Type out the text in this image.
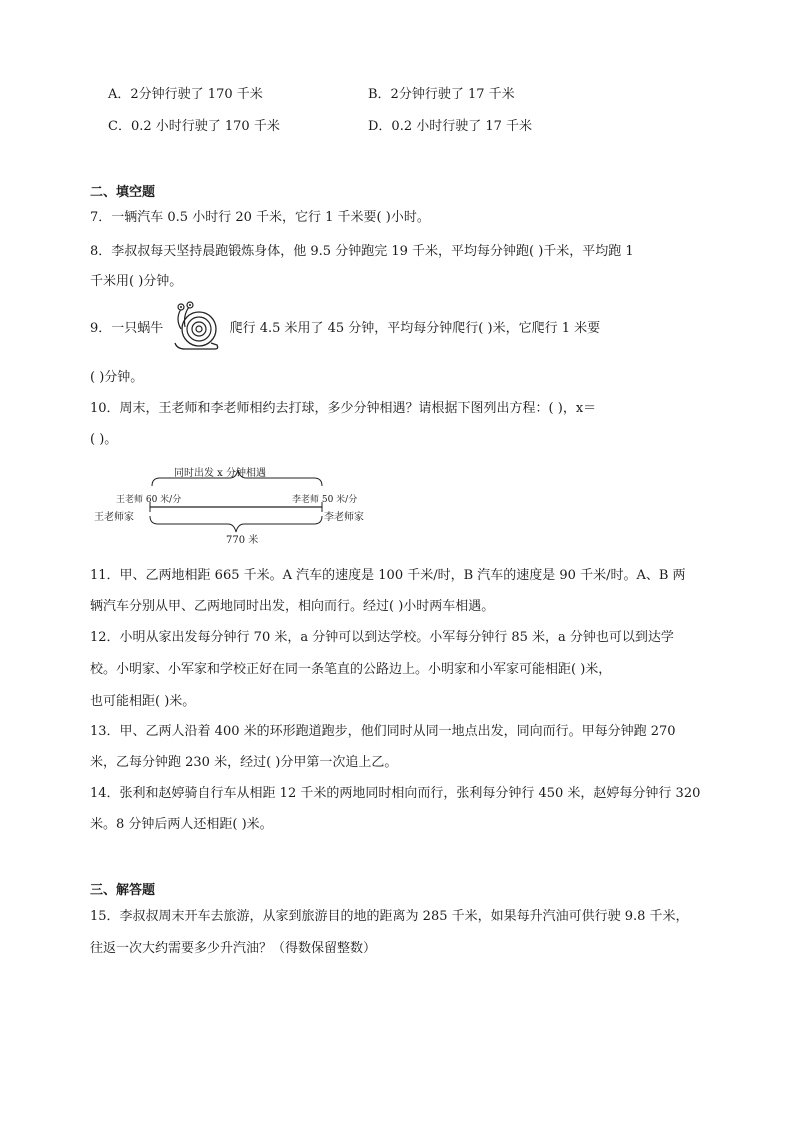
A．2分钟行驶了 170 千米	B．2分钟行驶了 17 千米
C．0.2 小时行驶了 170 千米	D．0.2 小时行驶了 17 千米
二、填空题
7．一辆汽车 0.5 小时行 20 千米，它行 1 千米要( )小时。
8．李叔叔每天坚持晨跑锻炼身体，他 9.5 分钟跑完 19 千米，平均每分钟跑( )千米，平均跑 1
千米用( )分钟。
9．一只蜗牛	爬行 4.5 米用了 45 分钟，平均每分钟爬行( )米，它爬行 1 米要
( )分钟。
10．周末，王老师和李老师相约去打球，多少分钟相遇？请根据下图列出方程：( )，x＝
( )。
同时出发 x 分钟相遇
王老师 60 米/分	李老师 50 米/分
王老师家	李老师家
770 米
11．甲、乙两地相距 665 千米。A 汽车的速度是 100 千米/时，B 汽车的速度是 90 千米/时。A、B 两
辆汽车分别从甲、乙两地同时出发，相向而行。经过( )小时两车相遇。
12．小明从家出发每分钟行 70 米，a 分钟可以到达学校。小军每分钟行 85 米，a 分钟也可以到达学
校。小明家、小军家和学校正好在同一条笔直的公路边上。小明家和小军家可能相距( )米，
也可能相距( )米。
13．甲、乙两人沿着 400 米的环形跑道跑步，他们同时从同一地点出发，同向而行。甲每分钟跑 270
米，乙每分钟跑 230 米，经过( )分甲第一次追上乙。
14．张利和赵婷骑自行车从相距 12 千米的两地同时相向而行，张利每分钟行 450 米，赵婷每分钟行 320
米。8 分钟后两人还相距( )米。
三、解答题
15．李叔叔周末开车去旅游，从家到旅游目的地的距离为 285 千米，如果每升汽油可供行驶 9.8 千米，
往返一次大约需要多少升汽油？（得数保留整数）
